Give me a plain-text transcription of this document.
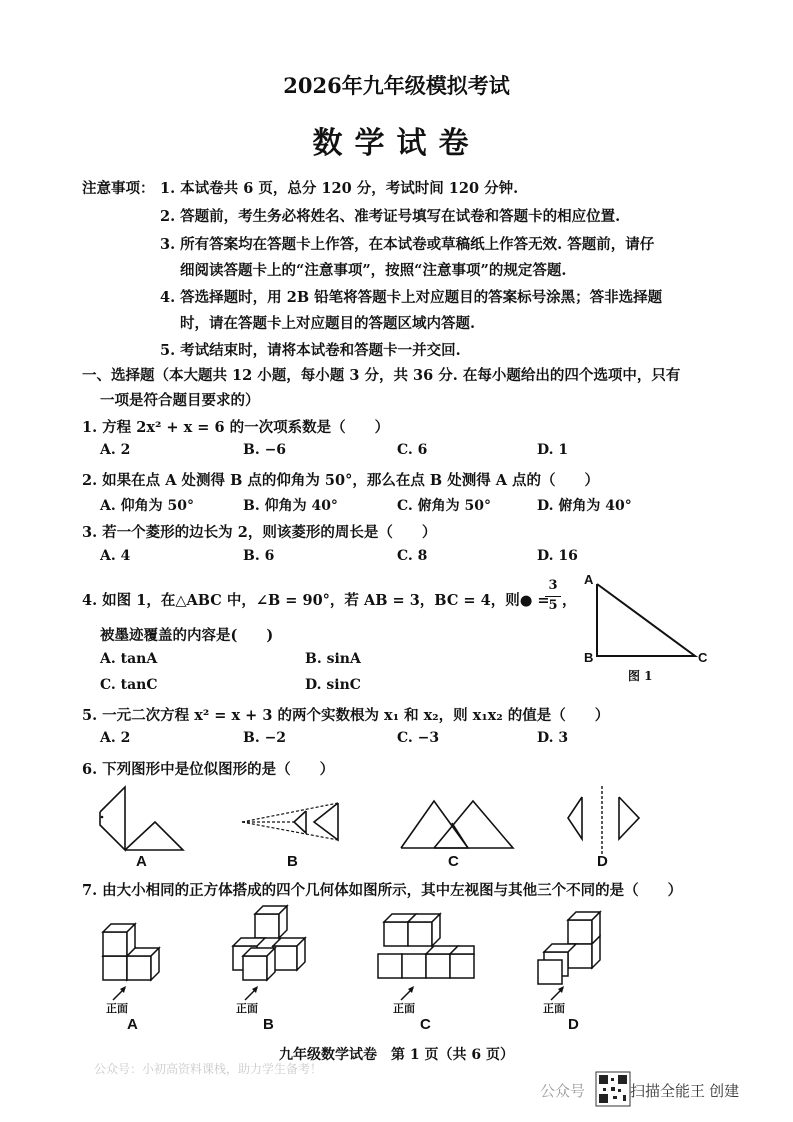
2026年九年级模拟考试
数学试卷
注意事项： 1. 本试卷共 6 页，总分 120 分，考试时间 120 分钟.
2. 答题前，考生务必将姓名、准考证号填写在试卷和答题卡的相应位置.
3. 所有答案均在答题卡上作答，在本试卷或草稿纸上作答无效. 答题前，请仔
细阅读答题卡上的“注意事项”，按照“注意事项”的规定答题.
4. 答选择题时，用 2B 铅笔将答题卡上对应题目的答案标号涂黑；答非选择题
时，请在答题卡上对应题目的答题区域内答题.
5. 考试结束时，请将本试卷和答题卡一并交回.
一、选择题（本大题共 12 小题，每小题 3 分，共 36 分. 在每小题给出的四个选项中，只有
一项是符合题目要求的）
1. 方程 2x² + x = 6 的一次项系数是（　　）
A. 2	B. −6	C. 6	D. 1
2. 如果在点 A 处测得 B 点的仰角为 50°，那么在点 B 处测得 A 点的（　　）
A. 仰角为 50°	B. 仰角为 40°	C. 俯角为 50°	D. 俯角为 40°
3. 若一个菱形的边长为 2，则该菱形的周长是（　　）
A. 4	B. 6	C. 8	D. 16
4. 如图 1，在△ABC 中，∠B = 90°，若 AB = 3，BC = 4，则● =
3
5 ，
被墨迹覆盖的内容是(　　)
A. tanA	B. sinA
C. tanC	D. sinC
A
B	C
图 1
5. 一元二次方程 x² = x + 3 的两个实数根为 x₁ 和 x₂，则 x₁x₂ 的值是（　　）
A. 2	B. −2	C. −3	D. 3
6. 下列图形中是位似图形的是（　　）
A	B	C	D
7. 由大小相同的正方体搭成的四个几何体如图所示，其中左视图与其他三个不同的是（　　）
正面	正面	正面	正面
A	B	C	D
九年级数学试卷　第 1 页（共 6 页）
公众号：小初高资料课栈，助力学生备考！
公众号	扫描全能王 创建
